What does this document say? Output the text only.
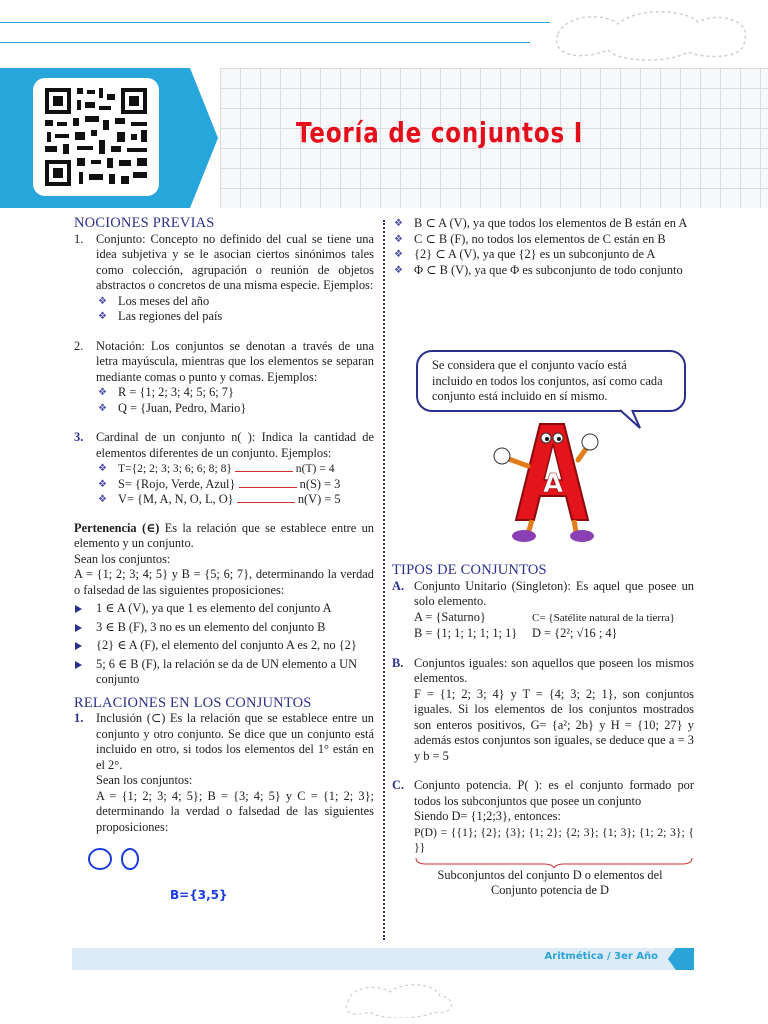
Teoría de conjuntos I
NOCIONES PREVIAS
1. Conjunto: Concepto no definido del cual se tiene una idea subjetiva y se le asocian ciertos sinónimos tales como colección, agrupación o reunión de objetos abstractos o concretos de una misma especie. Ejemplos:
❖ Los meses del año
❖ Las regiones del país
2. Notación: Los conjuntos se denotan a través de una letra mayúscula, mientras que los elementos se separan mediante comas o punto y comas. Ejemplos:
❖ R = {1; 2; 3; 4; 5; 6; 7}
❖ Q = {Juan, Pedro, Mario}
3. Cardinal de un conjunto n( ): Indica la cantidad de elementos diferentes de un conjunto. Ejemplos:
❖ T={2; 2; 3; 3; 6; 6; 8; 8}	n(T) = 4
❖ S= {Rojo, Verde, Azul}	n(S) = 3
❖ V= {M, A, N, O, L, O}	n(V) = 5
Pertenencia (∈) Es la relación que se establece entre un elemento y un conjunto.
Sean los conjuntos:
A = {1; 2; 3; 4; 5} y B = {5; 6; 7}, determinando la verdad o falsedad de las siguientes proposiciones:
1 ∈ A (V), ya que 1 es elemento del conjunto A
3 ∈ B (F), 3 no es un elemento del conjunto B
{2} ∈ A (F), el elemento del conjunto A es 2, no {2}
5; 6 ∈ B (F), la relación se da de UN elemento a UN conjunto
RELACIONES EN LOS CONJUNTOS
1. Inclusión (⊂) Es la relación que se establece entre un conjunto y otro conjunto. Se dice que un conjunto está incluido en otro, si todos los elementos del 1° están en el 2°.
Sean los conjuntos:
A = {1; 2; 3; 4; 5}; B = {3; 4; 5} y C = {1; 2; 3}; determinando la verdad o falsedad de las siguientes proposiciones:
B={3,5}
❖ B ⊂ A (V), ya que todos los elementos de B están en A
❖ C ⊂ B (F), no todos los elementos de C están en B
❖ {2} ⊂ A (V), ya que {2} es un subconjunto de A
❖ Φ ⊂ B (V), ya que Φ es subconjunto de todo conjunto
Se considera que el conjunto vacío está incluido en todos los conjuntos, así como cada conjunto está incluido en sí mismo.
A
TIPOS DE CONJUNTOS
A. Conjunto Unitario (Singleton): Es aquel que posee un solo elemento.
A = {Saturno}	C= {Satélite natural de la tierra}
B = {1; 1; 1; 1; 1; 1} D = {2²; √16 ; 4}
B. Conjuntos iguales: son aquellos que poseen los mismos elementos.
F = {1; 2; 3; 4} y T = {4; 3; 2; 1}, son conjuntos iguales. Si los elementos de los conjuntos mostrados son enteros positivos, G= {a²; 2b} y H = {10; 27} y además estos conjuntos son iguales, se deduce que a = 3 y b = 5
C. Conjunto potencia. P( ): es el conjunto formado por todos los subconjuntos que posee un conjunto
Siendo D= {1;2;3}, entonces:
P(D) = {{1}; {2}; {3}; {1; 2}; {2; 3}; {1; 3}; {1; 2; 3}; { }}
Subconjuntos del conjunto D o elementos del Conjunto potencia de D
Aritmética / 3er Año
